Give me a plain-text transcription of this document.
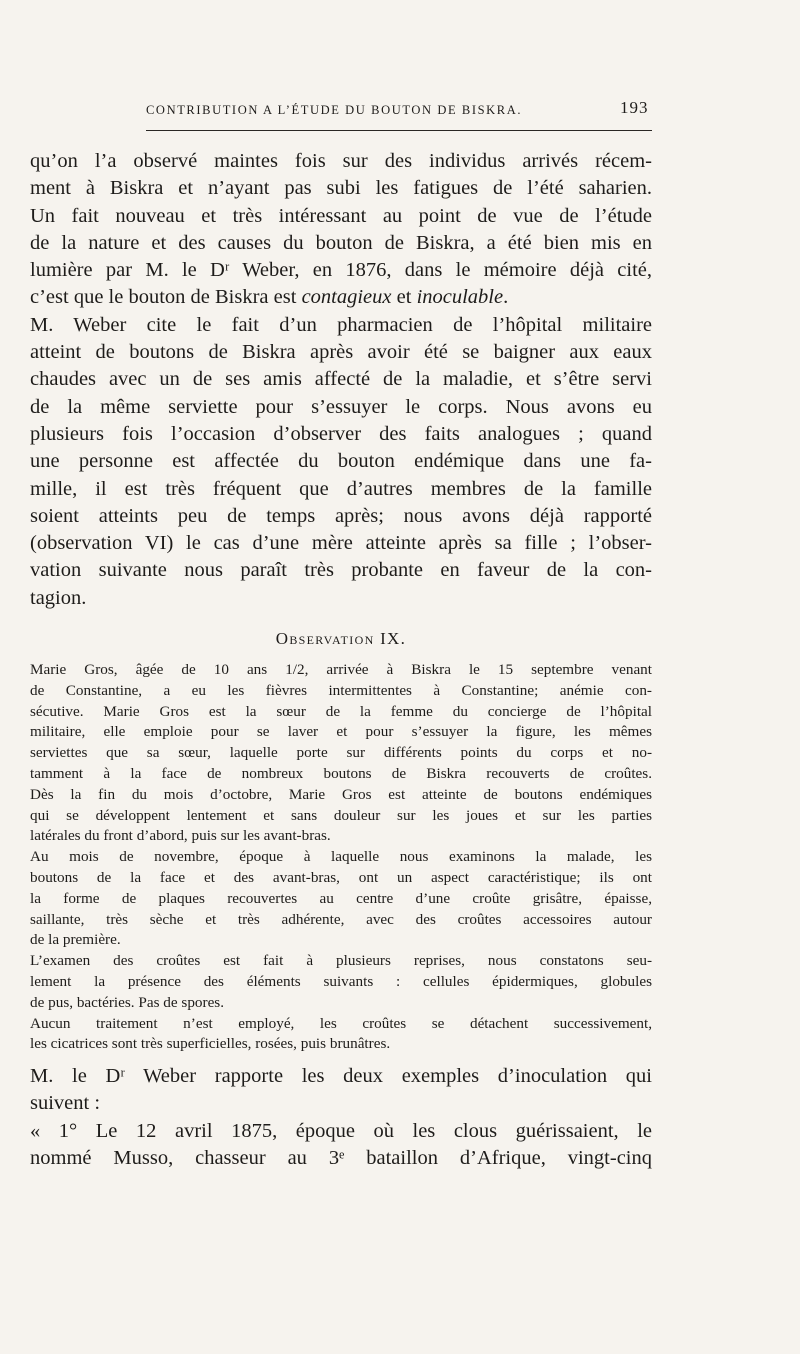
CONTRIBUTION A L’ÉTUDE DU BOUTON DE BISKRA.	193
qu’on l’a observé maintes fois sur des individus arrivés récem-
ment à Biskra et n’ayant pas subi les fatigues de l’été saharien.
Un fait nouveau et très intéressant au point de vue de l’étude
de la nature et des causes du bouton de Biskra, a été bien mis en
lumière par M. le Dʳ Weber, en 1876, dans le mémoire déjà cité,
c’est que le bouton de Biskra est contagieux et inoculable.
M. Weber cite le fait d’un pharmacien de l’hôpital militaire
atteint de boutons de Biskra après avoir été se baigner aux eaux
chaudes avec un de ses amis affecté de la maladie, et s’être servi
de la même serviette pour s’essuyer le corps. Nous avons eu
plusieurs fois l’occasion d’observer des faits analogues ; quand
une personne est affectée du bouton endémique dans une fa-
mille, il est très fréquent que d’autres membres de la famille
soient atteints peu de temps après; nous avons déjà rapporté
(observation VI) le cas d’une mère atteinte après sa fille ; l’obser-
vation suivante nous paraît très probante en faveur de la con-
tagion.
Observation IX.
Marie Gros, âgée de 10 ans 1/2, arrivée à Biskra le 15 septembre venant
de Constantine, a eu les fièvres intermittentes à Constantine; anémie con-
sécutive. Marie Gros est la sœur de la femme du concierge de l’hôpital
militaire, elle emploie pour se laver et pour s’essuyer la figure, les mêmes
serviettes que sa sœur, laquelle porte sur différents points du corps et no-
tamment à la face de nombreux boutons de Biskra recouverts de croûtes.
Dès la fin du mois d’octobre, Marie Gros est atteinte de boutons endémiques
qui se développent lentement et sans douleur sur les joues et sur les parties
latérales du front d’abord, puis sur les avant-bras.
Au mois de novembre, époque à laquelle nous examinons la malade, les
boutons de la face et des avant-bras, ont un aspect caractéristique; ils ont
la forme de plaques recouvertes au centre d’une croûte grisâtre, épaisse,
saillante, très sèche et très adhérente, avec des croûtes accessoires autour
de la première.
L’examen des croûtes est fait à plusieurs reprises, nous constatons seu-
lement la présence des éléments suivants : cellules épidermiques, globules
de pus, bactéries. Pas de spores.
Aucun traitement n’est employé, les croûtes se détachent successivement,
les cicatrices sont très superficielles, rosées, puis brunâtres.
M. le Dʳ Weber rapporte les deux exemples d’inoculation qui
suivent :
« 1° Le 12 avril 1875, époque où les clous guérissaient, le
nommé Musso, chasseur au 3ᵉ bataillon d’Afrique, vingt-cinq
